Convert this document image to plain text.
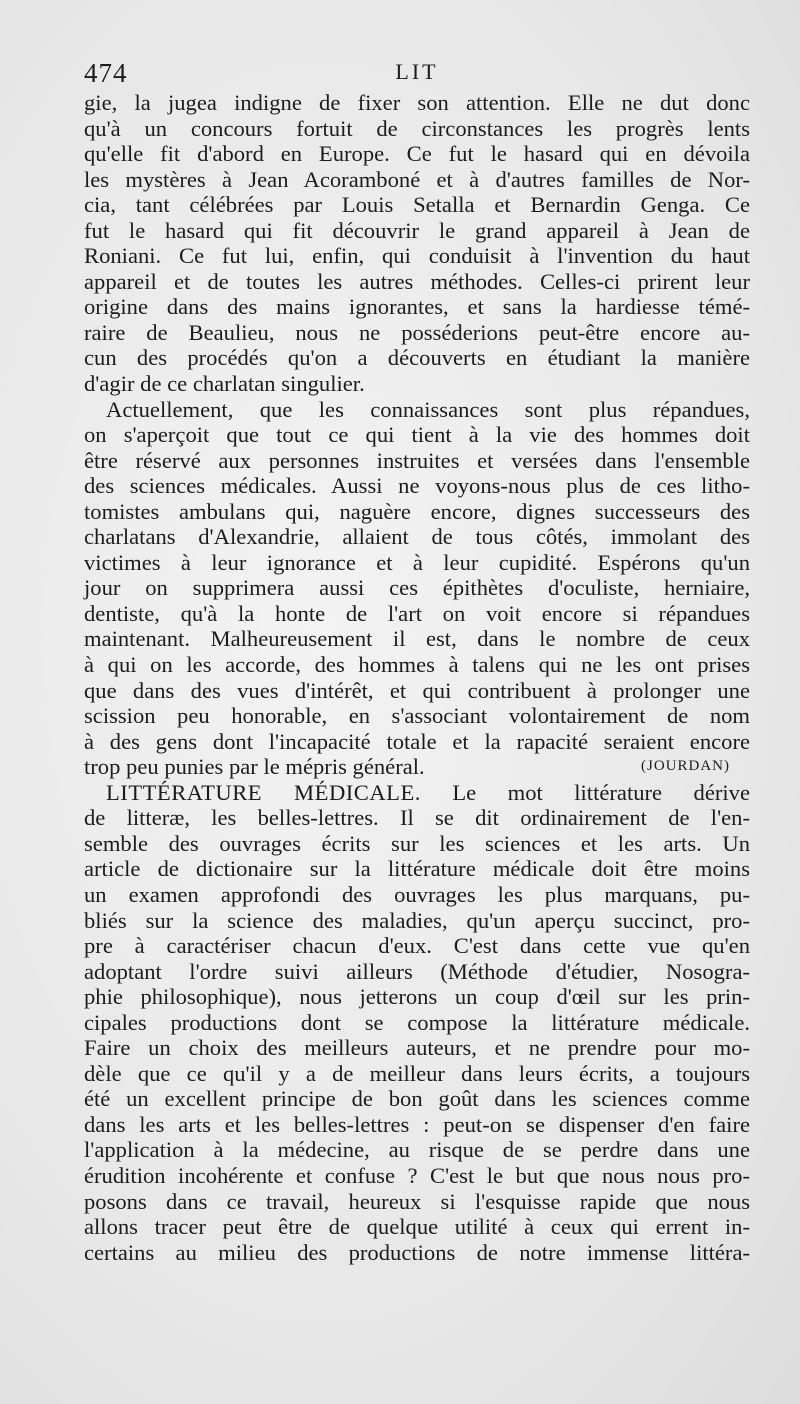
474	LIT
gie, la jugea indigne de fixer son attention. Elle ne dut donc
qu'à un concours fortuit de circonstances les progrès lents
qu'elle fit d'abord en Europe. Ce fut le hasard qui en dévoila
les mystères à Jean Acoramboné et à d'autres familles de Nor-
cia, tant célébrées par Louis Setalla et Bernardin Genga. Ce
fut le hasard qui fit découvrir le grand appareil à Jean de
Roniani. Ce fut lui, enfin, qui conduisit à l'invention du haut
appareil et de toutes les autres méthodes. Celles-ci prirent leur
origine dans des mains ignorantes, et sans la hardiesse témé-
raire de Beaulieu, nous ne posséderions peut-être encore au-
cun des procédés qu'on a découverts en étudiant la manière
d'agir de ce charlatan singulier.
Actuellement, que les connaissances sont plus répandues,
on s'aperçoit que tout ce qui tient à la vie des hommes doit
être réservé aux personnes instruites et versées dans l'ensemble
des sciences médicales. Aussi ne voyons-nous plus de ces litho-
tomistes ambulans qui, naguère encore, dignes successeurs des
charlatans d'Alexandrie, allaient de tous côtés, immolant des
victimes à leur ignorance et à leur cupidité. Espérons qu'un
jour on supprimera aussi ces épithètes d'oculiste, herniaire,
dentiste, qu'à la honte de l'art on voit encore si répandues
maintenant. Malheureusement il est, dans le nombre de ceux
à qui on les accorde, des hommes à talens qui ne les ont prises
que dans des vues d'intérêt, et qui contribuent à prolonger une
scission peu honorable, en s'associant volontairement de nom
à des gens dont l'incapacité totale et la rapacité seraient encore
trop peu punies par le mépris général.	(JOURDAN)
LITTÉRATURE MÉDICALE. Le mot littérature dérive
de litteræ, les belles-lettres. Il se dit ordinairement de l'en-
semble des ouvrages écrits sur les sciences et les arts. Un
article de dictionaire sur la littérature médicale doit être moins
un examen approfondi des ouvrages les plus marquans, pu-
bliés sur la science des maladies, qu'un aperçu succinct, pro-
pre à caractériser chacun d'eux. C'est dans cette vue qu'en
adoptant l'ordre suivi ailleurs (Méthode d'étudier, Nosogra-
phie philosophique), nous jetterons un coup d'œil sur les prin-
cipales productions dont se compose la littérature médicale.
Faire un choix des meilleurs auteurs, et ne prendre pour mo-
dèle que ce qu'il y a de meilleur dans leurs écrits, a toujours
été un excellent principe de bon goût dans les sciences comme
dans les arts et les belles-lettres : peut-on se dispenser d'en faire
l'application à la médecine, au risque de se perdre dans une
érudition incohérente et confuse ? C'est le but que nous nous pro-
posons dans ce travail, heureux si l'esquisse rapide que nous
allons tracer peut être de quelque utilité à ceux qui errent in-
certains au milieu des productions de notre immense littéra-
